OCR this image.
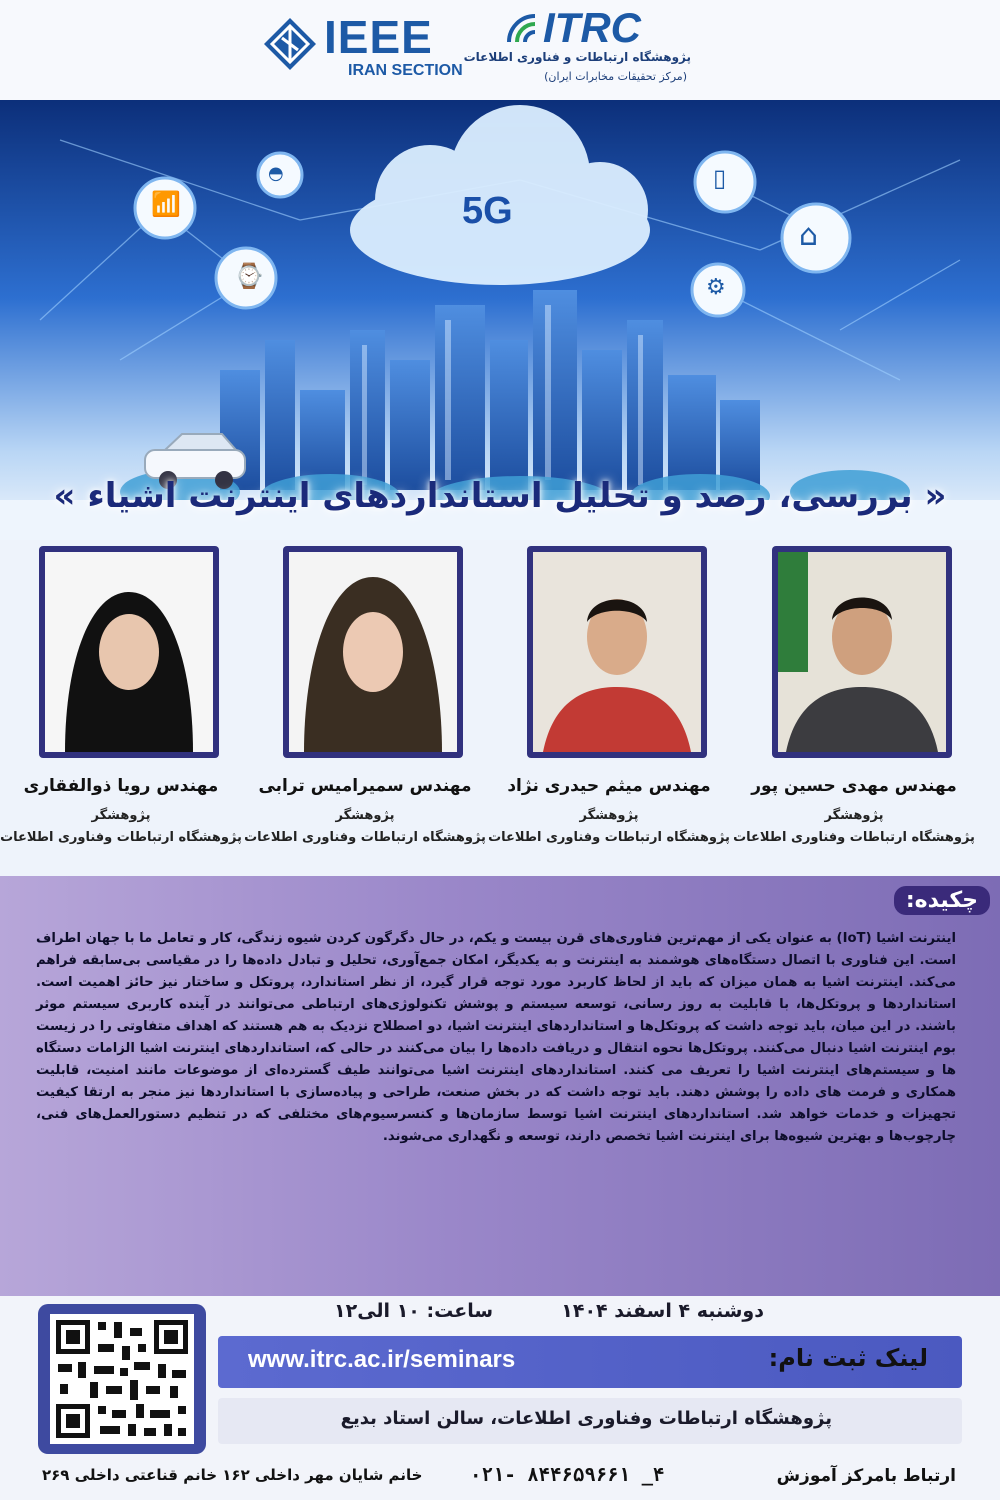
IEEE
IRAN SECTION
ITRC
پژوهشگاه ارتباطات و فناوری اطلاعات
(مرکز تحقیقات مخابرات ایران)
5G
📶
◓
⌚
▯
⌂
⚙
« بررسی، رصد و تحلیل استانداردهای اینترنت اشیاء »
مهندس رویا ذوالفقاری
پژوهشگر
پژوهشگاه ارتباطات وفناوری اطلاعات
مهندس سمیرامیس ترابی
پژوهشگر
پژوهشگاه ارتباطات وفناوری اطلاعات
مهندس میثم حیدری نژاد
پژوهشگر
پژوهشگاه ارتباطات وفناوری اطلاعات
مهندس مهدی حسین پور
پژوهشگر
پژوهشگاه ارتباطات وفناوری اطلاعات
چکیده:
اینترنت اشیا (IoT) به عنوان یکی از مهم‌ترین فناوری‌های قرن بیست و یکم، در حال دگرگون کردن شیوه زندگی، کار و تعامل ما با جهان اطراف است. این فناوری با اتصال دستگاه‌های هوشمند به اینترنت و به یکدیگر، امکان جمع‌آوری، تحلیل و تبادل داده‌ها را در مقیاسی بی‌سابقه فراهم می‌کند. اینترنت اشیا به همان میزان که باید از لحاظ کاربرد مورد توجه قرار گیرد، از نظر استاندارد، پروتکل و ساختار نیز حائز اهمیت است. استانداردها و پروتکل‌ها، با قابلیت به روز رسانی، توسعه سیستم و پوشش تکنولوژی‌های ارتباطی می‌توانند در آینده کاربری سیستم موثر باشند. در این میان، باید توجه داشت که پروتکل‌ها و استانداردهای اینترنت اشیا، دو اصطلاح نزدیک به هم هستند که اهداف متفاوتی را در زیست بوم اینترنت اشیا دنبال می‌کنند. پروتکل‌ها نحوه انتقال و دریافت داده‌ها را بیان می‌کنند در حالی که، استانداردهای اینترنت اشیا الزامات دستگاه ها و سیستم‌های اینترنت اشیا را تعریف می کنند. استانداردهای اینترنت اشیا می‌توانند طیف گسترده‌ای از موضوعات مانند امنیت، قابلیت همکاری و فرمت های داده را پوشش دهند. باید توجه داشت که در بخش صنعت، طراحی و پیاده‌سازی با استانداردها نیز منجر به ارتقا کیفیت تجهیزات و خدمات خواهد شد. استانداردهای اینترنت اشیا توسط سازمان‌ها و کنسرسیوم‌های مختلفی که در تنظیم دستورالعمل‌های فنی، چارچوب‌ها و بهترین شیوه‌ها برای اینترنت اشیا تخصص دارند، توسعه و نگهداری می‌شوند.
دوشنبه ۴ اسفند ۱۴۰۴
ساعت: ۱۰ الی۱۲
لینک ثبت نام:
www.itrc.ac.ir/seminars
پژوهشگاه ارتباطات وفناوری اطلاعات، سالن استاد بدیع
ارتباط بامرکز آموزش
۰۲۱- ۸۴۴۶۵۹۶۶۱ _۴
خانم شایان مهر داخلی ۱۶۲ خانم قناعتی داخلی ۲۶۹
